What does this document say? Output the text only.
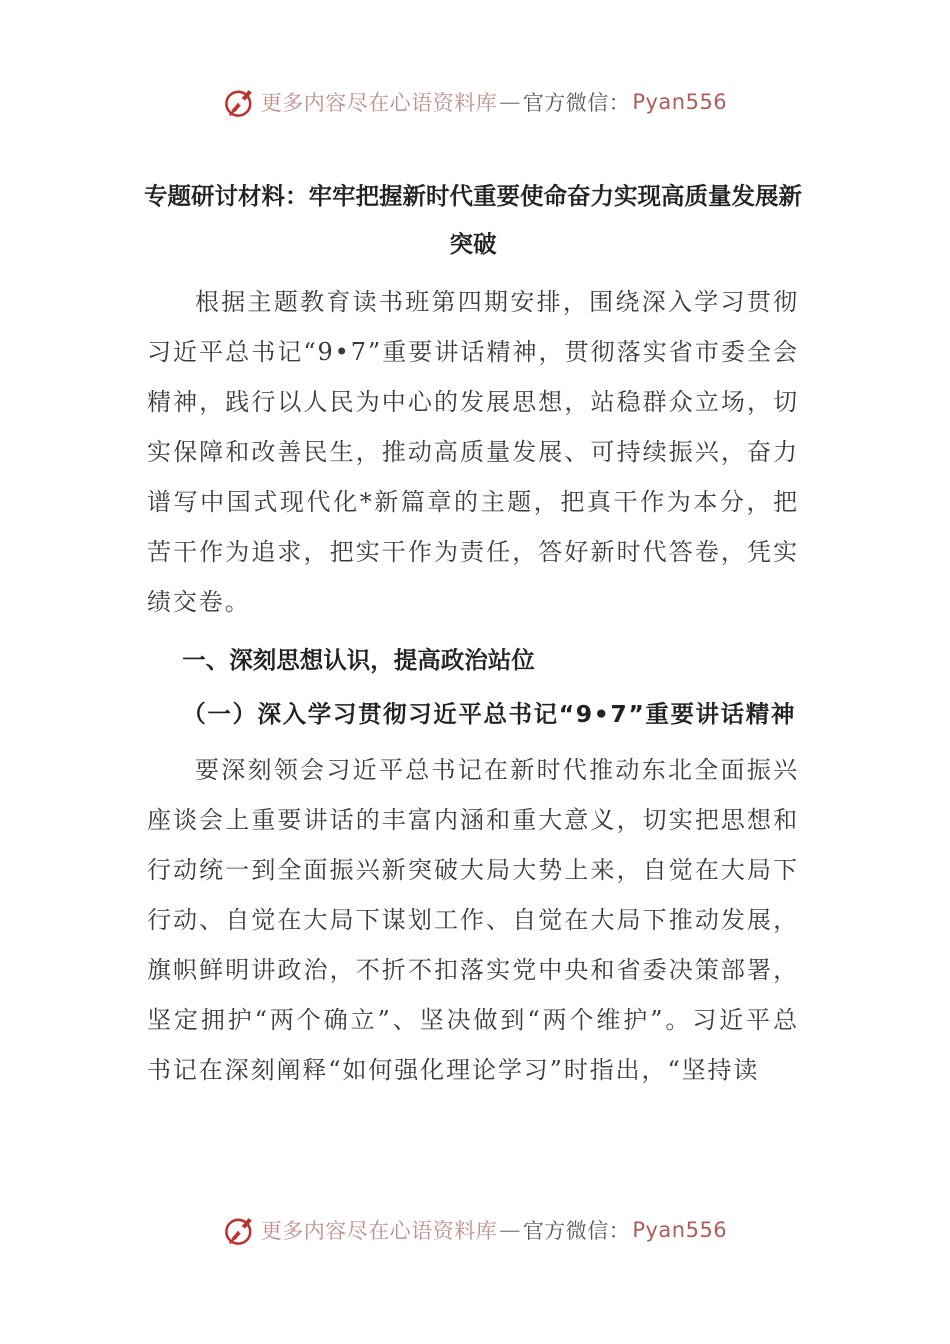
更多内容尽在心语资料库 — 官方微信： Pyan556
专题研讨材料：牢牢把握新时代重要使命奋力实现高质量发展新突破

根据主题教育读书班第四期安排，围绕深入学习贯彻习近平总书记“9•7”重要讲话精神，贯彻落实省市委全会精神，践行以人民为中心的发展思想，站稳群众立场，切实保障和改善民生，推动高质量发展、可持续振兴，奋力谱写中国式现代化*新篇章的主题，把真干作为本分，把苦干作为追求，把实干作为责任，答好新时代答卷，凭实绩交卷。

一、深刻思想认识，提高政治站位
（一）深入学习贯彻习近平总书记“9•7”重要讲话精神

要深刻领会习近平总书记在新时代推动东北全面振兴座谈会上重要讲话的丰富内涵和重大意义，切实把思想和行动统一到全面振兴新突破大局大势上来，自觉在大局下行动、自觉在大局下谋划工作、自觉在大局下推动发展，旗帜鲜明讲政治，不折不扣落实党中央和省委决策部署，坚定拥护“两个确立”、坚决做到“两个维护”。习近平总书记在深刻阐释“如何强化理论学习”时指出，“坚持读

更多内容尽在心语资料库 — 官方微信： Pyan556
